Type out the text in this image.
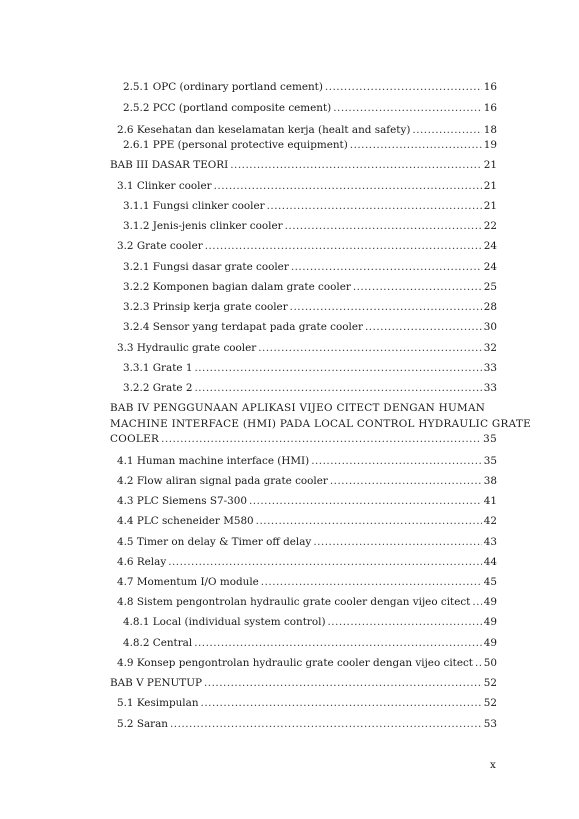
2.5.1 OPC (ordinary portland cement) .....	16
2.5.2 PCC (portland composite cement) .....	16
2.6 Kesehatan dan keselamatan kerja (healt and safety) .....	18
2.6.1 PPE (personal protective equipment) .....	19
BAB III DASAR TEORI .....	21
3.1 Clinker cooler .....	21
3.1.1 Fungsi clinker cooler .....	21
3.1.2 Jenis-jenis clinker cooler .....	22
3.2 Grate cooler .....	24
3.2.1 Fungsi dasar grate cooler .....	24
3.2.2 Komponen bagian dalam grate cooler .....	25
3.2.3 Prinsip kerja grate cooler .....	28
3.2.4 Sensor yang terdapat pada grate cooler .....	30
3.3 Hydraulic grate cooler .....	32
3.3.1 Grate 1 .....	33
3.2.2 Grate 2 .....	33
4.1 Human machine interface (HMI) .....	35
4.2 Flow aliran signal pada grate cooler .....	38
4.3 PLC Siemens S7-300 .....	41
4.4 PLC scheneider M580 .....	42
4.5 Timer on delay & Timer off delay .....	43
4.6 Relay .....	44
4.7 Momentum I/O module .....	45
4.8 Sistem pengontrolan hydraulic grate cooler dengan vijeo citect ..... 49
4.8.1 Local (individual system control) .....	49
4.8.2 Central .....	49
4.9 Konsep pengontrolan hydraulic grate cooler dengan vijeo citect ..... 50
BAB V PENUTUP .....	52
5.1 Kesimpulan .....	52
5.2 Saran .....	53
BAB IV PENGGUNAAN APLIKASI VIJEO CITECT DENGAN HUMAN
MACHINE INTERFACE (HMI) PADA LOCAL CONTROL HYDRAULIC GRATE
COOLER .....	35
x
